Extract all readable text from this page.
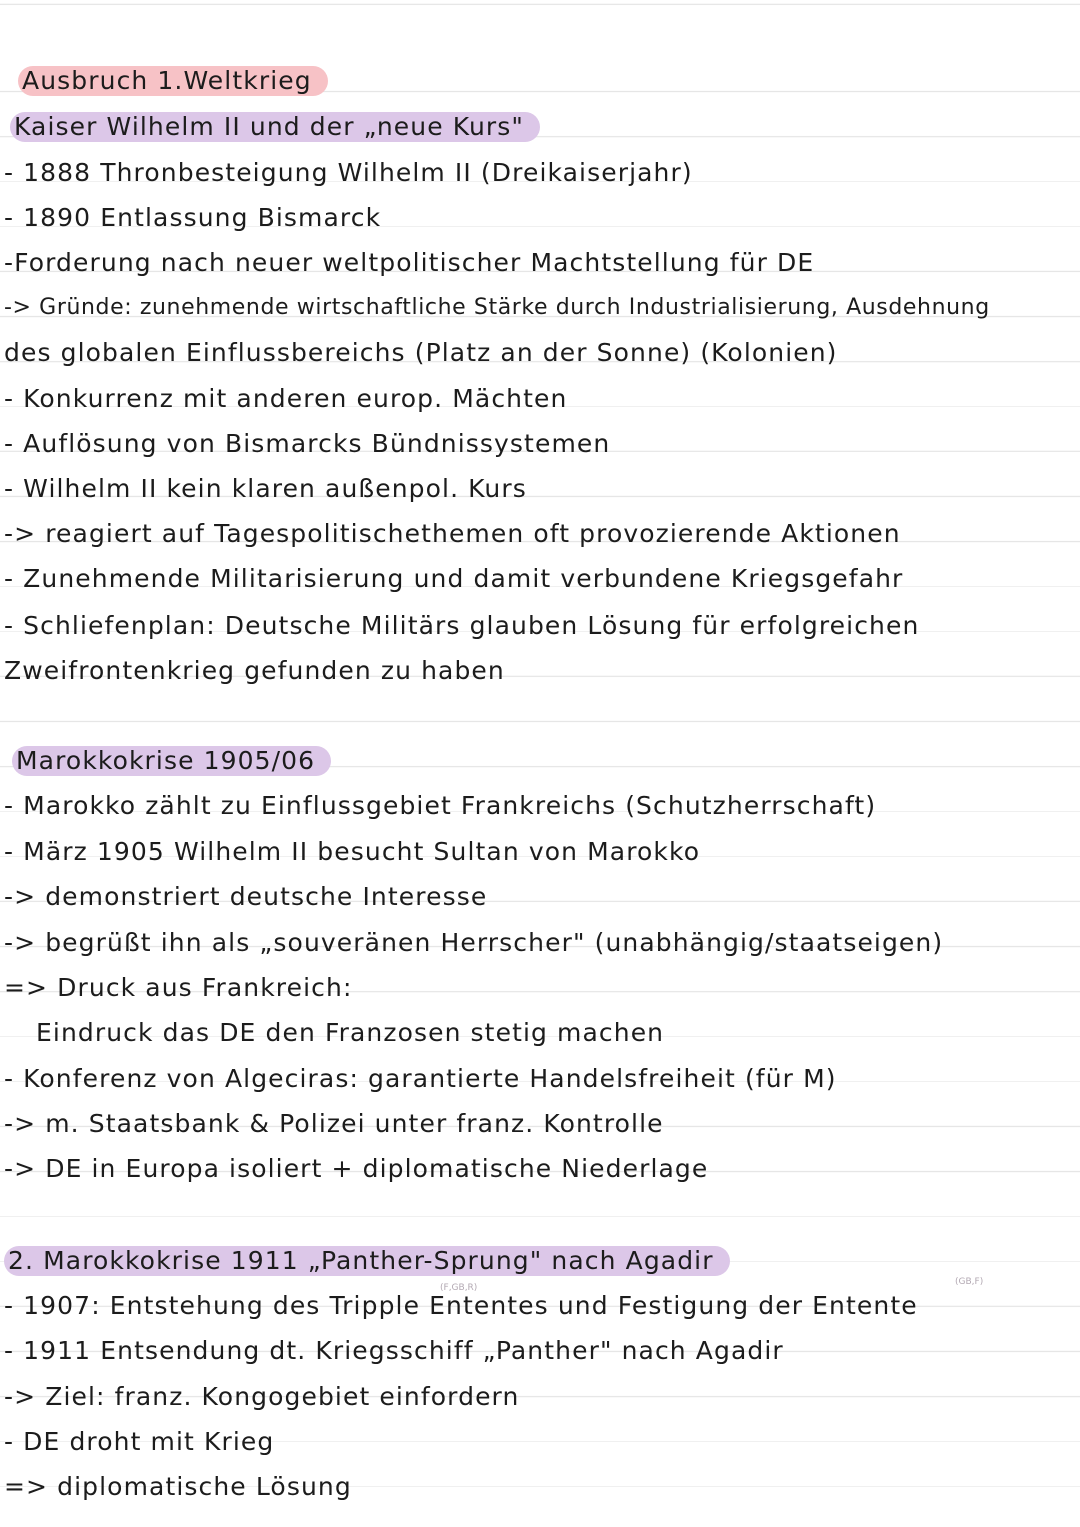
Ausbruch 1.Weltkrieg
Kaiser Wilhelm II und der „neue Kurs"
- 1888 Thronbesteigung Wilhelm II (Dreikaiserjahr)
- 1890 Entlassung Bismarck
-Forderung nach neuer weltpolitischer Machtstellung für DE
-> Gründe: zunehmende wirtschaftliche Stärke durch Industrialisierung, Ausdehnung
des globalen Einflussbereichs (Platz an der Sonne) (Kolonien)
- Konkurrenz mit anderen europ. Mächten
- Auflösung von Bismarcks Bündnissystemen
- Wilhelm II kein klaren außenpol. Kurs
-> reagiert auf Tagespolitischethemen oft provozierende Aktionen
- Zunehmende Militarisierung und damit verbundene Kriegsgefahr
- Schliefenplan: Deutsche Militärs glauben Lösung für erfolgreichen
Zweifrontenkrieg gefunden zu haben
Marokkokrise 1905/06
- Marokko zählt zu Einflussgebiet Frankreichs (Schutzherrschaft)
- März 1905 Wilhelm II besucht Sultan von Marokko
-> demonstriert deutsche Interesse
-> begrüßt ihn als „souveränen Herrscher" (unabhängig/staatseigen)
=> Druck aus Frankreich:
Eindruck das DE den Franzosen stetig machen
- Konferenz von Algeciras: garantierte Handelsfreiheit (für M)
-> m. Staatsbank & Polizei unter franz. Kontrolle
-> DE in Europa isoliert + diplomatische Niederlage
2. Marokkokrise 1911 „Panther-Sprung" nach Agadir
(F,GB,R)
(GB,F)
- 1907: Entstehung des Tripple Ententes und Festigung der Entente
- 1911 Entsendung dt. Kriegsschiff „Panther" nach Agadir
-> Ziel: franz. Kongogebiet einfordern
- DE droht mit Krieg
=> diplomatische Lösung
